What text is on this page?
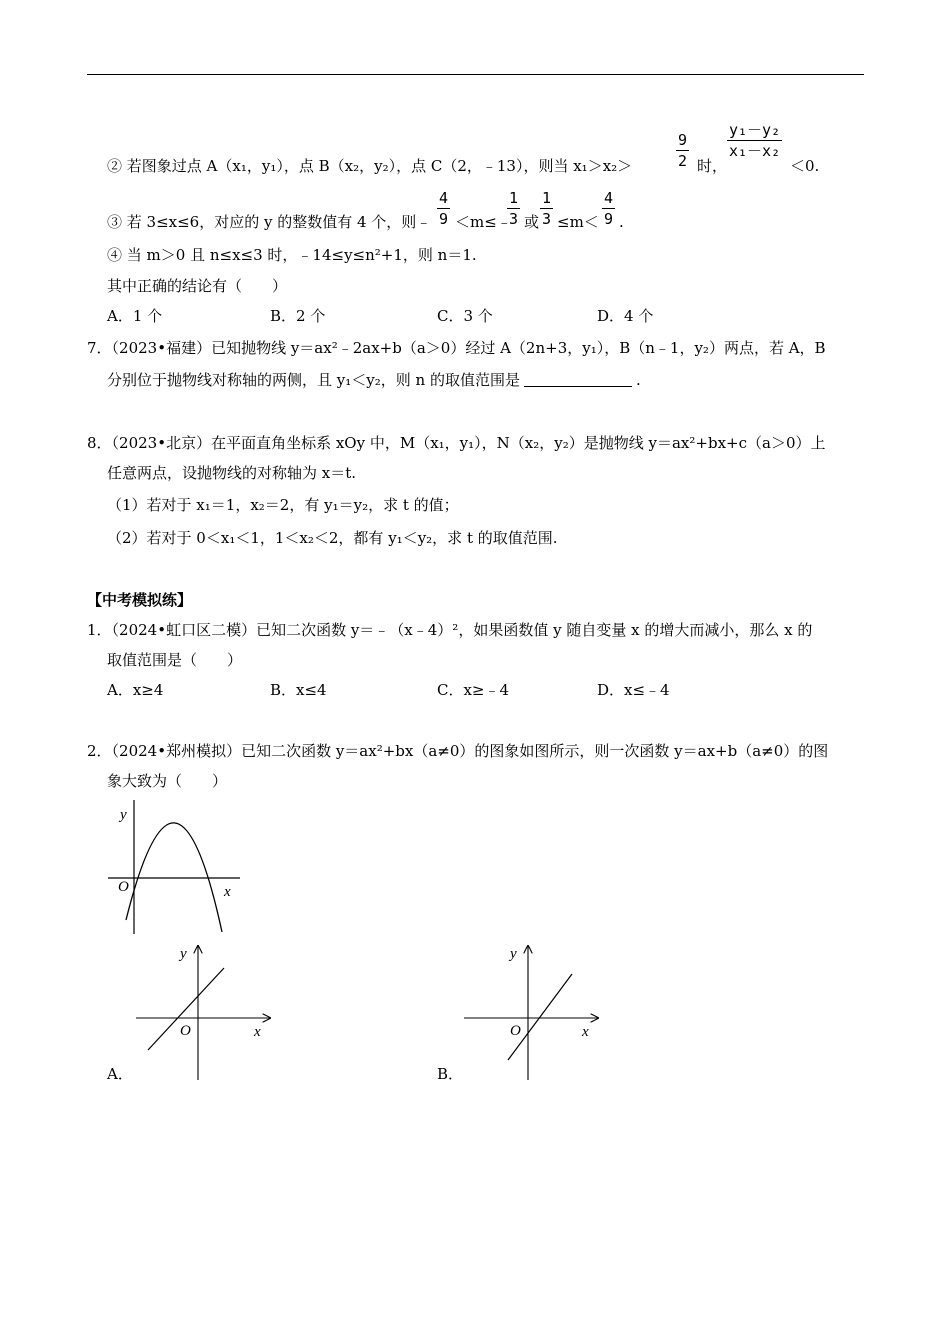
② 若图象过点 A（x₁，y₁），点 B（x₂，y₂），点 C（2，﹣13），则当 x₁＞x₂＞	$\frac{9}{2}$ 时，
$\frac{\text{y₁－y₂}}{\text{x₁－x₂}}$
＜0.
③ 若 3≤x≤6，对应的 y 的整数值有 4 个，则﹣ $\frac{4}{9}$ ＜m≤﹣
$\frac{1}{3}$ 或 $\frac{1}{3} \le m< \frac{4}{9}$ .
④ 当 m＞0 且 n≤x≤3 时，﹣14≤y≤n²+1，则 n＝1.
其中正确的结论有（　　）
A．1 个	B．2 个	C．3 个	D．4 个
7．（2023•福建）已知抛物线 y＝ax²﹣2ax+b（a＞0）经过 A（2n+3，y₁），B（n﹣1，y₂）两点，若 A，B
分别位于抛物线对称轴的两侧，且 y₁＜y₂，则 n 的取值范围是	.
8．（2023•北京）在平面直角坐标系 xOy 中，M（x₁，y₁），N（x₂，y₂）是抛物线 y＝ax²+bx+c（a＞0）上
任意两点，设抛物线的对称轴为 x＝t.
（1）若对于 x₁＝1，x₂＝2，有 y₁＝y₂，求 t 的值；
（2）若对于 0＜x₁＜1，1＜x₂＜2，都有 y₁＜y₂，求 t 的取值范围.
【中考模拟练】
1．（2024•虹口区二模）已知二次函数 y＝﹣（x﹣4）²，如果函数值 y 随自变量 x 的增大而减小，那么 x 的
取值范围是（　　）
A．x≥4	B．x≤4	C．x≥﹣4	D．x≤﹣4
2．（2024•郑州模拟）已知二次函数 y＝ax²+bx（a≠0）的图象如图所示，则一次函数 y＝ax+b（a≠0）的图
象大致为（　　）
y
x
O
y
x
O
A．
y
x
O
B．
